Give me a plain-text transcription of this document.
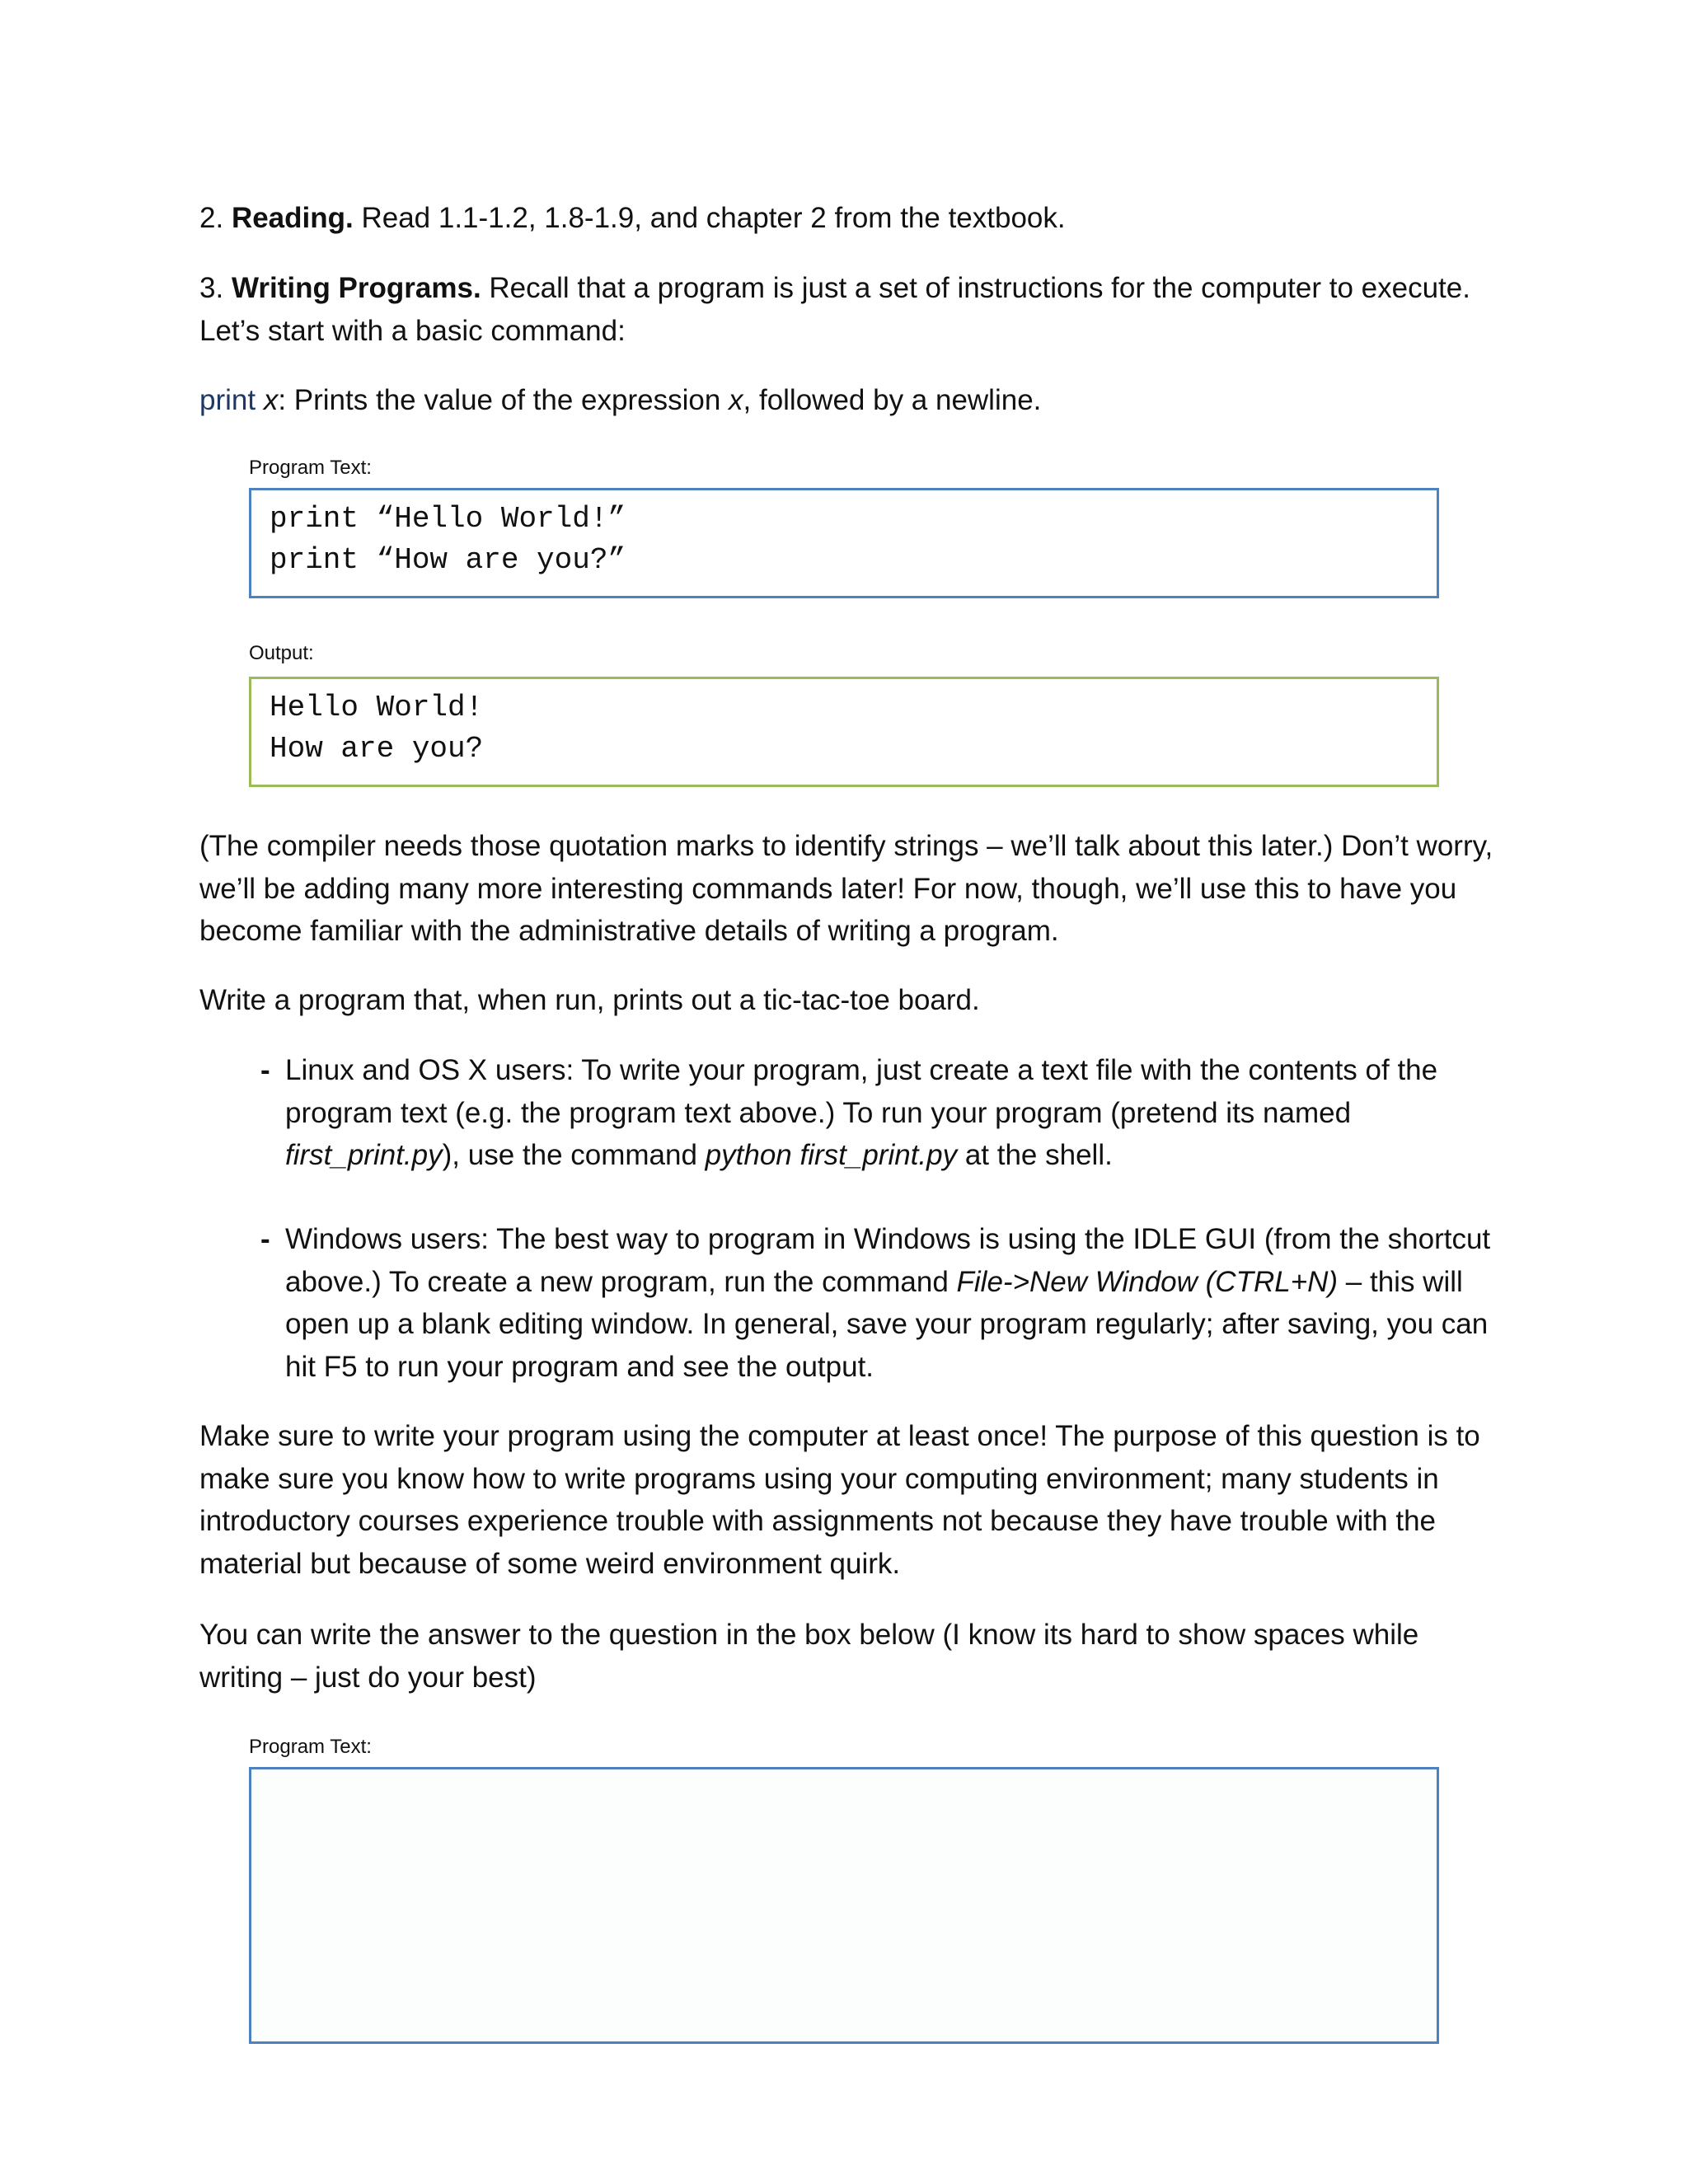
2. Reading. Read 1.1-1.2, 1.8-1.9, and chapter 2 from the textbook.

3. Writing Programs. Recall that a program is just a set of instructions for the computer to execute. Let’s start with a basic command:

print x: Prints the value of the expression x, followed by a newline.

Program Text:
print “Hello World!”
print “How are you?”
Output:
Hello World!
How are you?

(The compiler needs those quotation marks to identify strings – we’ll talk about this later.) Don’t worry, we’ll be adding many more interesting commands later! For now, though, we’ll use this to have you become familiar with the administrative details of writing a program.

Write a program that, when run, prints out a tic-tac-toe board.

- Linux and OS X users: To write your program, just create a text file with the contents of the program text (e.g. the program text above.) To run your program (pretend its named first_print.py), use the command python first_print.py at the shell.

- Windows users: The best way to program in Windows is using the IDLE GUI (from the shortcut above.) To create a new program, run the command File->New Window (CTRL+N) – this will open up a blank editing window. In general, save your program regularly; after saving, you can hit F5 to run your program and see the output.

Make sure to write your program using the computer at least once! The purpose of this question is to make sure you know how to write programs using your computing environment; many students in introductory courses experience trouble with assignments not because they have trouble with the material but because of some weird environment quirk.

You can write the answer to the question in the box below (I know its hard to show spaces while writing – just do your best)

Program Text:
